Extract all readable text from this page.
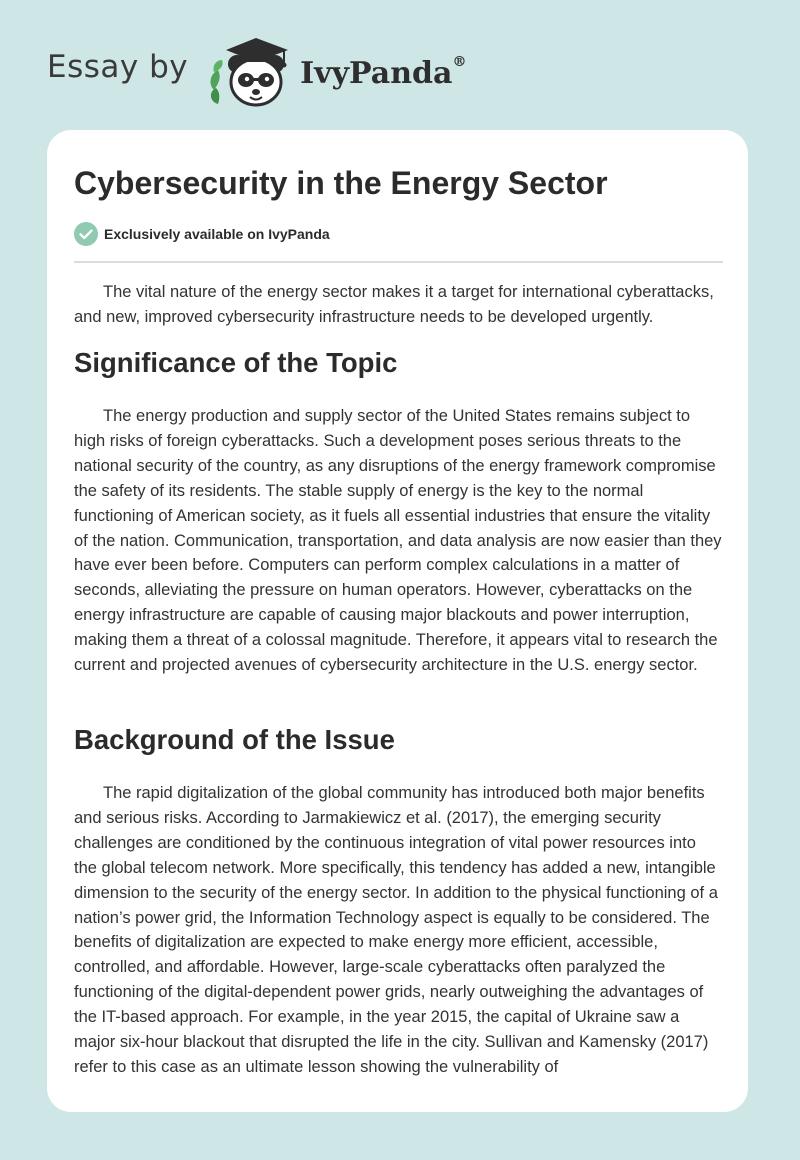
Essay by	IvyPanda®
Cybersecurity in the Energy Sector
Exclusively available on IvyPanda

The vital nature of the energy sector makes it a target for international cyberattacks, and new, improved cybersecurity infrastructure needs to be developed urgently.

Significance of the Topic

The energy production and supply sector of the United States remains subject to high risks of foreign cyberattacks. Such a development poses serious threats to the national security of the country, as any disruptions of the energy framework compromise the safety of its residents. The stable supply of energy is the key to the normal functioning of American society, as it fuels all essential industries that ensure the vitality of the nation. Communication, transportation, and data analysis are now easier than they have ever been before. Computers can perform complex calculations in a matter of seconds, alleviating the pressure on human operators. However, cyberattacks on the energy infrastructure are capable of causing major blackouts and power interruption, making them a threat of a colossal magnitude. Therefore, it appears vital to research the current and projected avenues of cybersecurity architecture in the U.S. energy sector.

Background of the Issue

The rapid digitalization of the global community has introduced both major benefits and serious risks. According to Jarmakiewicz et al. (2017), the emerging security challenges are conditioned by the continuous integration of vital power resources into the global telecom network. More specifically, this tendency has added a new, intangible dimension to the security of the energy sector. In addition to the physical functioning of a nation’s power grid, the Information Technology aspect is equally to be considered. The benefits of digitalization are expected to make energy more efficient, accessible, controlled, and affordable. However, large-scale cyberattacks often paralyzed the functioning of the digital-dependent power grids, nearly outweighing the advantages of the IT-based approach. For example, in the year 2015, the capital of Ukraine saw a major six-hour blackout that disrupted the life in the city. Sullivan and Kamensky (2017) refer to this case as an ultimate lesson showing the vulnerability of
